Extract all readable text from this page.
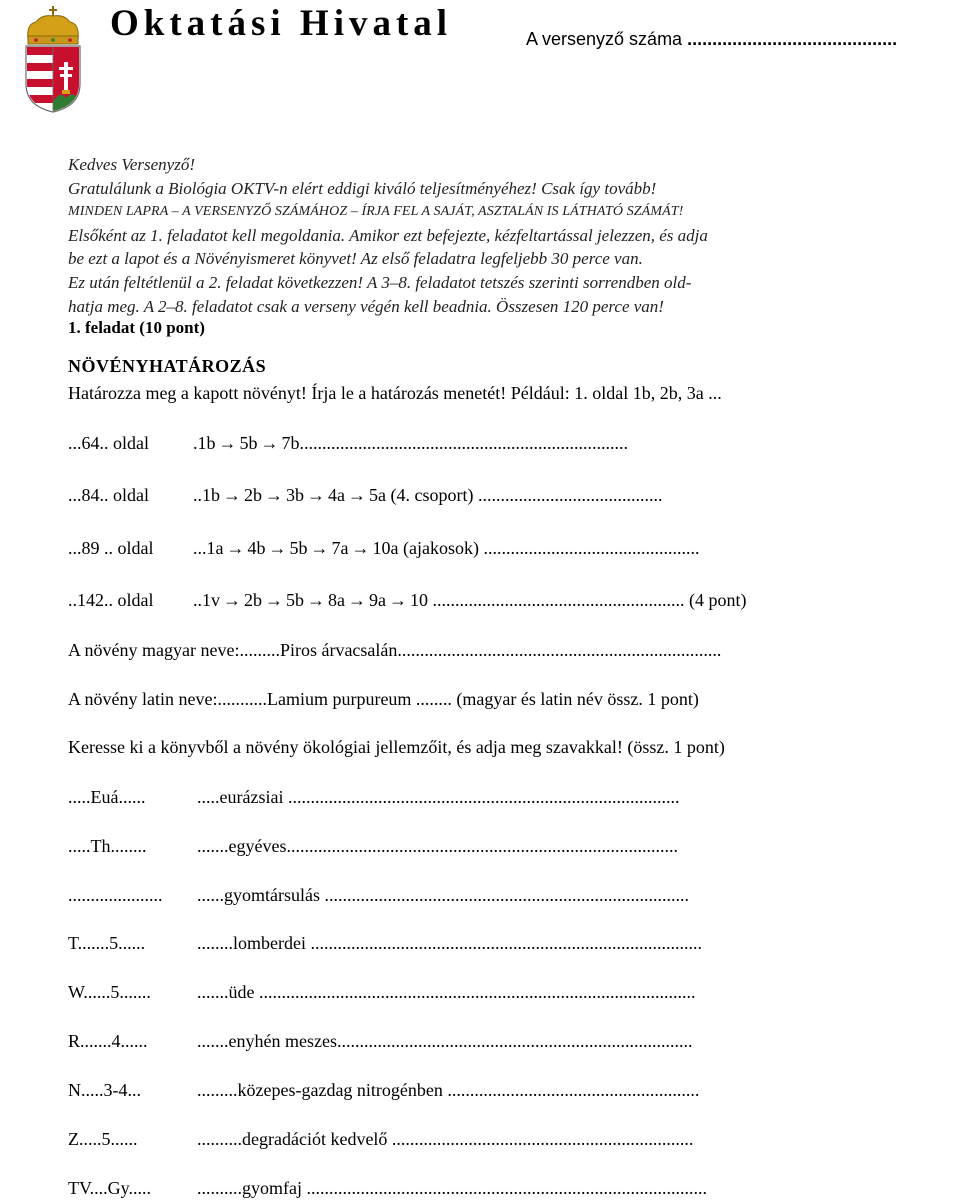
Oktatási Hivatal	A versenyző száma ..........................................
Kedves Versenyző!
Gratulálunk a Biológia OKTV-n elért eddigi kiváló teljesítményéhez! Csak így tovább!
MINDEN LAPRA – A VERSENYZŐ SZÁMÁHOZ – ÍRJA FEL A SAJÁT, ASZTALÁN IS LÁTHATÓ SZÁMÁT!
Elsőként az 1. feladatot kell megoldania. Amikor ezt befejezte, kézfeltartással jelezzen, és adja
be ezt a lapot és a Növényismeret könyvet! Az első feladatra legfeljebb 30 perce van.
Ez után feltétlenül a 2. feladat következzen! A 3–8. feladatot tetszés szerinti sorrendben old-
hatja meg. A 2–8. feladatot csak a verseny végén kell beadnia. Összesen 120 perce van!
1. feladat (10 pont)
NÖVÉNYHATÁROZÁS
Határozza meg a kapott növényt! Írja le a határozás menetét! Például: 1. oldal 1b, 2b, 3a ...
...64.. oldal .1b → 5b → 7b.........................................................................
...84.. oldal ..1b → 2b → 3b → 4a → 5a (4. csoport) .........................................
...89 .. oldal ...1a → 4b → 5b → 7a → 10a (ajakosok) ................................................
..142.. oldal ..1v → 2b → 5b → 8a → 9a → 10 ........................................................ (4 pont)
A növény magyar neve:.........Piros árvacsalán........................................................................
A növény latin neve:...........Lamium purpureum ........ (magyar és latin név össz. 1 pont)
Keresse ki a könyvből a növény ökológiai jellemzőit, és adja meg szavakkal! (össz. 1 pont)
.....Euá......	.....eurázsiai .......................................................................................
.....Th........	.......egyéves.......................................................................................
..................... ......gyomtársulás .................................................................................
T.......5......	........lomberdei .......................................................................................
W......5.......	.......üde .................................................................................................
R.......4......	.......enyhén meszes...............................................................................
N.....3-4...	.........közepes-gazdag nitrogénben ........................................................
Z.....5......	..........degradációt kedvelő ...................................................................
TV....Gy.....	..........gyomfaj .........................................................................................
